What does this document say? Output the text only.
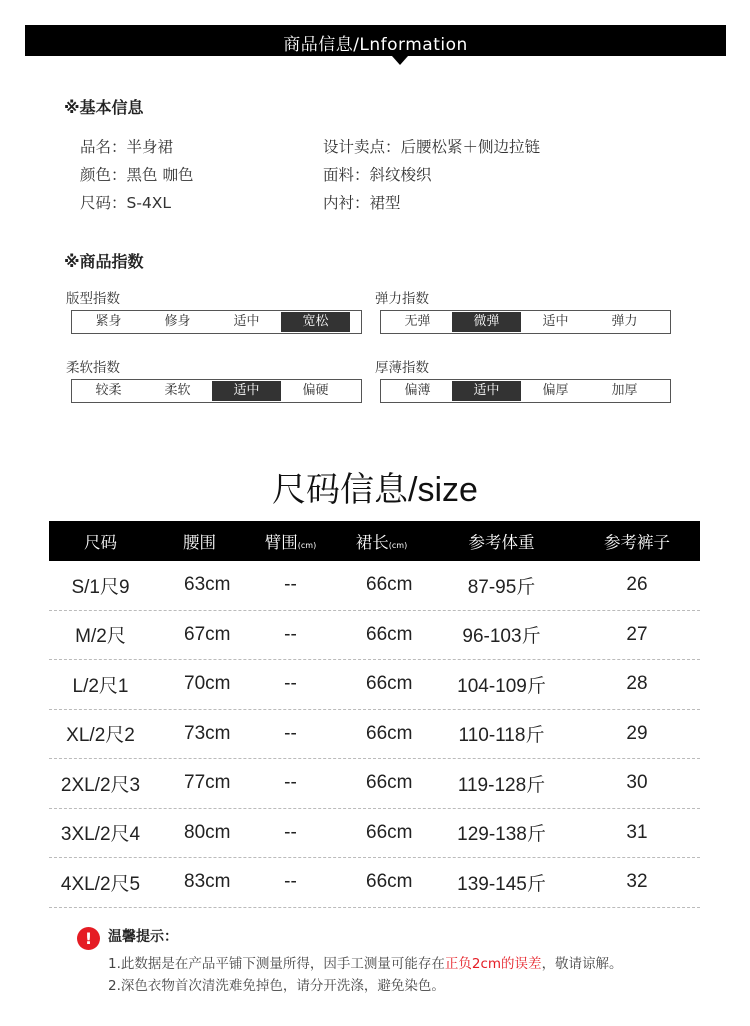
商品信息/Lnformation
※基本信息
品名：半身裙
颜色：黑色 咖色
尺码：S-4XL
设计卖点：后腰松紧＋侧边拉链
面料：斜纹梭织
内衬：裙型
※商品指数
版型指数
紧身	修身	适中	宽松
弹力指数
无弹	微弹	适中	弹力
柔软指数
较柔	柔软	适中	偏硬
厚薄指数
偏薄	适中	偏厚	加厚
尺码信息/size
尺码	腰围	臂围(cm)	裙长(cm)	参考体重	参考裤子
S/1尺9	63cm	--	66cm	87-95斤	26
M/2尺	67cm	--	66cm	96-103斤	27
L/2尺1	70cm	--	66cm	104-109斤	28
XL/2尺2	73cm	--	66cm	110-118斤	29
2XL/2尺3	77cm	--	66cm	119-128斤	30
3XL/2尺4	80cm	--	66cm	129-138斤	31
4XL/2尺5	83cm	--	66cm	139-145斤	32
!	温馨提示：
1.此数据是在产品平铺下测量所得，因手工测量可能存在正负2cm的误差，敬请谅解。
2.深色衣物首次清洗难免掉色，请分开洗涤，避免染色。
